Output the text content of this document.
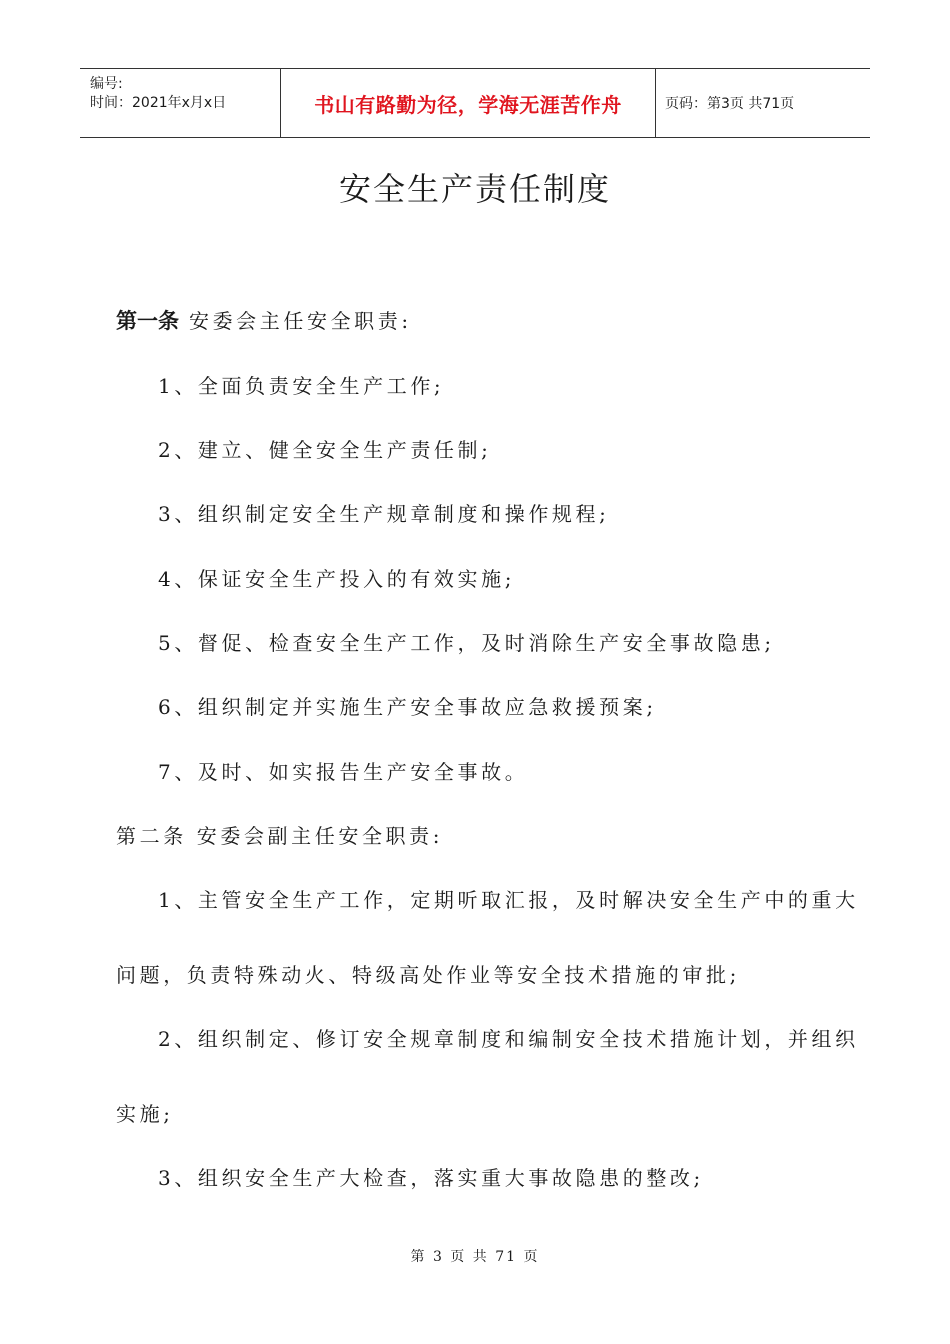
编号:
时间：2021年x月x日	书山有路勤为径，学海无涯苦作舟	页码：第3页 共71页
安全生产责任制度
第一条 安委会主任安全职责:
1、全面负责安全生产工作;
2、建立、健全安全生产责任制;
3、组织制定安全生产规章制度和操作规程;
4、保证安全生产投入的有效实施;
5、督促、检查安全生产工作，及时消除生产安全事故隐患;
6、组织制定并实施生产安全事故应急救援预案;
7、及时、如实报告生产安全事故。
第二条 安委会副主任安全职责:
1、主管安全生产工作，定期听取汇报，及时解决安全生产中的重大
问题，负责特殊动火、特级高处作业等安全技术措施的审批;
2、组织制定、修订安全规章制度和编制安全技术措施计划，并组织
实施;
3、组织安全生产大检查，落实重大事故隐患的整改;
第 3 页 共 71 页
